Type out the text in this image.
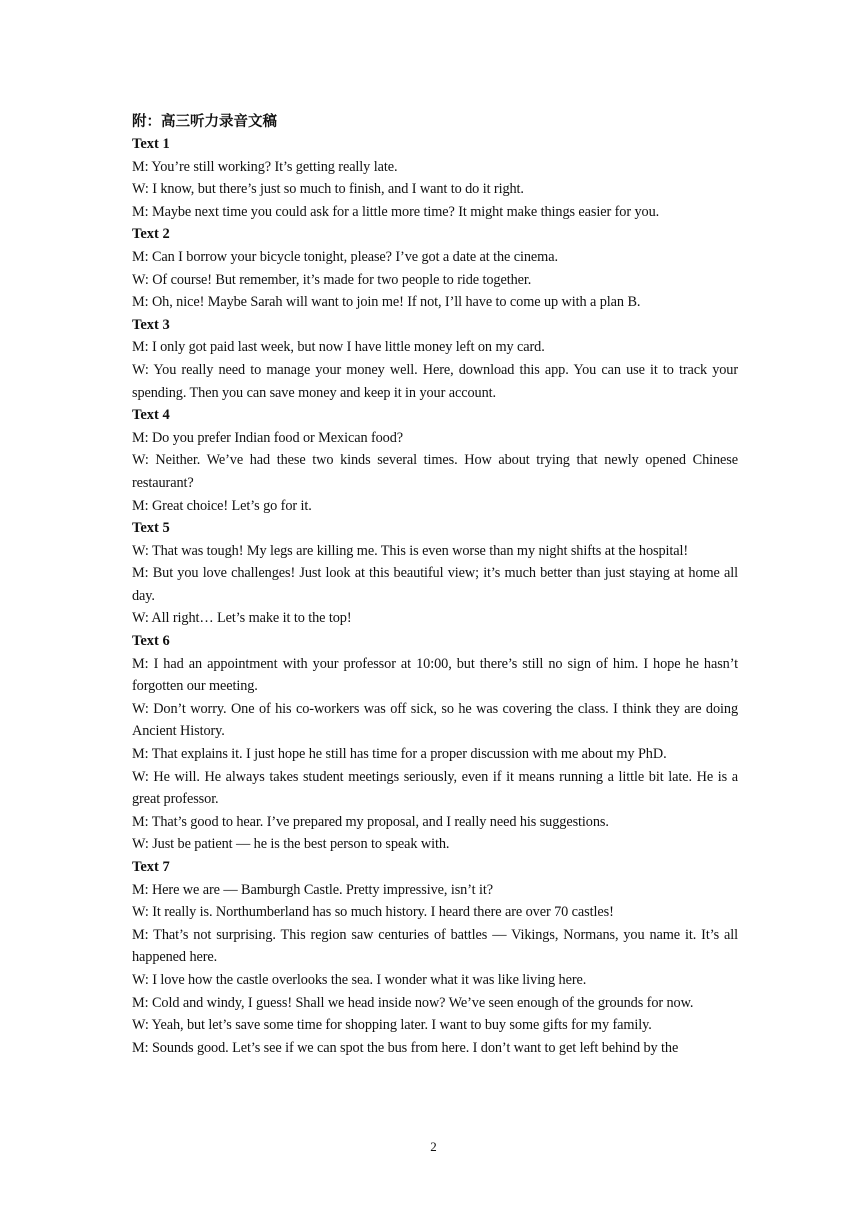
附：高三听力录音文稿
Text 1
M: You’re still working? It’s getting really late.
W: I know, but there’s just so much to finish, and I want to do it right.
M: Maybe next time you could ask for a little more time? It might make things easier for you.
Text 2
M: Can I borrow your bicycle tonight, please? I’ve got a date at the cinema.
W: Of course! But remember, it’s made for two people to ride together.
M: Oh, nice! Maybe Sarah will want to join me! If not, I’ll have to come up with a plan B.
Text 3
M: I only got paid last week, but now I have little money left on my card.
W: You really need to manage your money well. Here, download this app. You can use it to track your spending. Then you can save money and keep it in your account.
Text 4
M: Do you prefer Indian food or Mexican food?
W: Neither. We’ve had these two kinds several times. How about trying that newly opened Chinese restaurant?
M: Great choice! Let’s go for it.
Text 5
W: That was tough! My legs are killing me. This is even worse than my night shifts at the hospital!
M: But you love challenges! Just look at this beautiful view; it’s much better than just staying at home all day.
W: All right… Let’s make it to the top!
Text 6
M: I had an appointment with your professor at 10:00, but there’s still no sign of him. I hope he hasn’t forgotten our meeting.
W: Don’t worry. One of his co-workers was off sick, so he was covering the class. I think they are doing Ancient History.
M: That explains it. I just hope he still has time for a proper discussion with me about my PhD.
W: He will. He always takes student meetings seriously, even if it means running a little bit late. He is a great professor.
M: That’s good to hear. I’ve prepared my proposal, and I really need his suggestions.
W: Just be patient — he is the best person to speak with.
Text 7
M: Here we are — Bamburgh Castle. Pretty impressive, isn’t it?
W: It really is. Northumberland has so much history. I heard there are over 70 castles!
M: That’s not surprising. This region saw centuries of battles — Vikings, Normans, you name it. It’s all happened here.
W: I love how the castle overlooks the sea. I wonder what it was like living here.
M: Cold and windy, I guess! Shall we head inside now? We’ve seen enough of the grounds for now.
W: Yeah, but let’s save some time for shopping later. I want to buy some gifts for my family.
M: Sounds good. Let’s see if we can spot the bus from here. I don’t want to get left behind by the
2
